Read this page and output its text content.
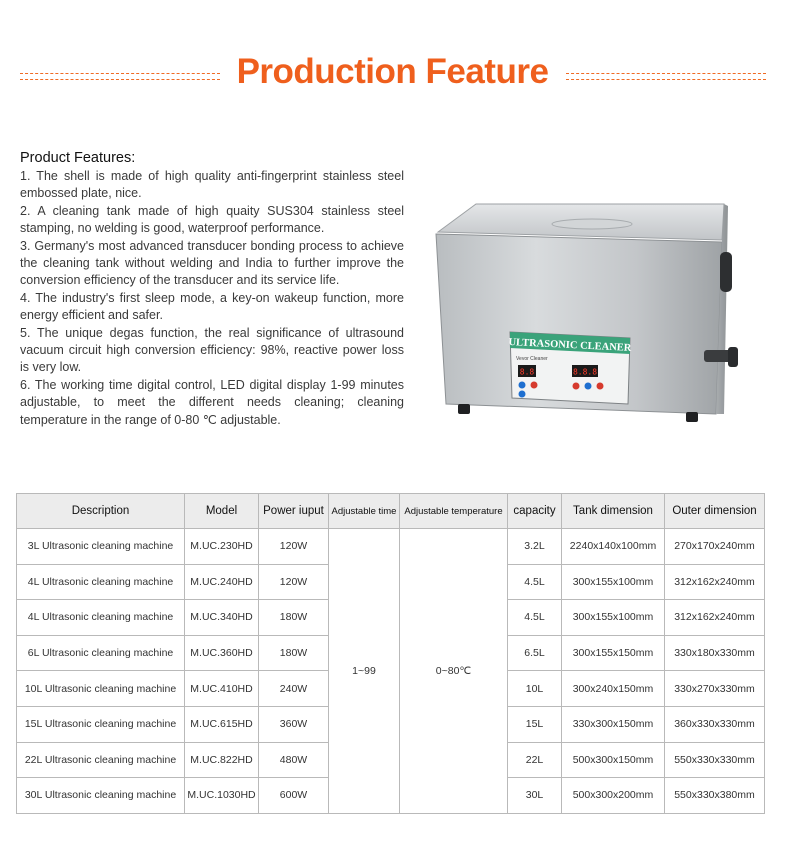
Production Feature
Product Features:

1. The shell is made of high quality anti-fingerprint stainless steel embossed plate, nice.

2. A cleaning tank made of high quaity SUS304 stainless steel stamping, no welding is good, waterproof performance.

3. Germany's most advanced transducer bonding process to achieve the cleaning tank without welding and India to further improve the conversion efficiency of the transducer and its service life.

4. The industry's first sleep mode, a key-on wakeup function, more energy efficient and safer.

5. The unique degas function, the real significance of ultrasound vacuum circuit high conversion efficiency: 98%, reactive power loss is very low.

6. The working time digital control, LED digital display 1-99 minutes adjustable, to meet the different needs cleaning; cleaning temperature in the range of 0-80 ℃ adjustable.

ULTRASONIC CLEANER
Vevor Cleaner
8.8	8.8.8
Description	Model	Power iuput	Adjustable time	Adjustable temperature	capacity	Tank dimension	Outer dimension
3L Ultrasonic cleaning machine	M.UC.230HD	120W	1~99	0~80℃	3.2L	2240x140x100mm	270x170x240mm
4L Ultrasonic cleaning machine	M.UC.240HD	120W			4.5L	300x155x100mm	312x162x240mm
4L Ultrasonic cleaning machine	M.UC.340HD	180W			4.5L	300x155x100mm	312x162x240mm
6L Ultrasonic cleaning machine	M.UC.360HD	180W			6.5L	300x155x150mm	330x180x330mm
10L Ultrasonic cleaning machine	M.UC.410HD	240W			10L	300x240x150mm	330x270x330mm
15L Ultrasonic cleaning machine	M.UC.615HD	360W			15L	330x300x150mm	360x330x330mm
22L Ultrasonic cleaning machine	M.UC.822HD	480W			22L	500x300x150mm	550x330x330mm
30L Ultrasonic cleaning machine	M.UC.1030HD	600W			30L	500x300x200mm	550x330x380mm
